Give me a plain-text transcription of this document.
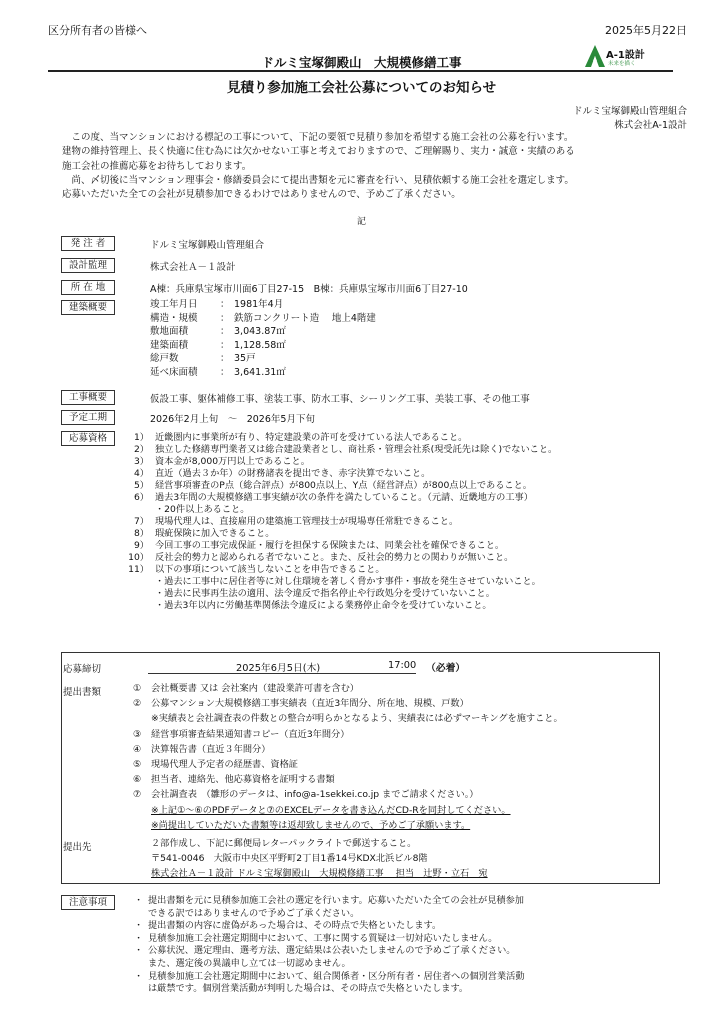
区分所有者の皆様へ	2025年5月22日
ドルミ宝塚御殿山　大規模修繕工事	A-1設計
未来を描く
見積り参加施工会社公募についてのお知らせ
ドルミ宝塚御殿山管理組合
株式会社A-1設計

　この度、当マンションにおける標記の工事について、下記の要領で見積り参加を希望する施工会社の公募を行います。

建物の維持管理上、長く快適に住む為には欠かせない工事と考えておりますので、ご理解賜り、実力・誠意・実績のある

施工会社の推薦応募をお待ちしております。

　尚、〆切後に当マンション理事会・修繕委員会にて提出書類を元に審査を行い、見積依頼する施工会社を選定します。

応募いただいた全ての会社が見積参加できるわけではありませんので、予めご了承ください。

記
発 注 者	ドルミ宝塚御殿山管理組合
設計監理	株式会社Ａ－１設計
所 在 地	A棟：兵庫県宝塚市川面6丁目27-15　B棟：兵庫県宝塚市川面6丁目27-10
建築概要	竣工年月日	：	1981年4月
構造・規模	：	鉄筋コンクリート造　 地上4階建
敷地面積	：	3,043.87㎡
建築面積	：	1,128.58㎡
総戸数	：	35戸
延べ床面積	：	3,641.31㎡
工事概要	仮設工事、躯体補修工事、塗装工事、防水工事、シーリング工事、美装工事、その他工事
予定工期	2026年2月上旬　～　2026年5月下旬
応募資格	1） 近畿圏内に事業所が有り、特定建設業の許可を受けている法人であること。
2） 独立した修繕専門業者又は総合建設業者とし、商社系・管理会社系(現受託先は除く)でないこと。
3） 資本金が8,000万円以上であること。
4） 直近（過去３か年）の財務諸表を提出でき、赤字決算でないこと。
5） 経営事項審査のP点（総合評点）が800点以上、Y点（経営評点）が800点以上であること。
6） 過去3年間の大規模修繕工事実績が次の条件を満たしていること。（元請、近畿地方の工事）
・20件以上あること。
7） 現場代理人は、直接雇用の建築施工管理技士が現場専任常駐できること。
8） 瑕疵保険に加入できること。
9） 今回工事の工事完成保証・履行を担保する保険または、同業会社を確保できること。
10） 反社会的勢力と認められる者でないこと。また、反社会的勢力との関わりが無いこと。
11） 以下の事項について該当しないことを申告できること。
・過去に工事中に居住者等に対し住環境を著しく脅かす事件・事故を発生させていないこと。
・過去に民事再生法の適用、法令違反で指名停止や行政処分を受けていないこと。
・過去3年以内に労働基準関係法令違反による業務停止命令を受けていないこと。
応募締切	2025年6月5日(木)	17:00 （必着）
提出書類	① 会社概要書 又は 会社案内（建設業許可書を含む）
② 公募マンション大規模修繕工事実績表（直近3年間分、所在地、規模、戸数）
※実績表と会社調査表の件数との整合が明らかとなるよう、実績表には必ずマーキングを施すこと。
③ 経営事項審査結果通知書コピー（直近3年間分）
④ 決算報告書（直近３年間分）
⑤ 現場代理人予定者の経歴書、資格証
⑥ 担当者、連絡先、他応募資格を証明する書類
⑦ 会社調査表　（雛形のデータは、info@a-1sekkei.co.jp までご請求ください。）
※上記①～⑥のPDFデータと⑦のEXCELデータを書き込んだCD-Rを同封してください。
※尚提出していただいた書類等は返却致しませんので、予めご了承願います。
提出先	２部作成し、下記に郵便局レターパックライトで郵送すること。
〒541-0046　大阪市中央区平野町2丁目1番14号KDX北浜ビル8階
株式会社Ａ－１設計 ドルミ宝塚御殿山　大規模修繕工事　 担当　辻野・立石　宛
注意事項	・ 提出書類を元に見積参加施工会社の選定を行います。応募いただいた全ての会社が見積参加
できる訳ではありませんので予めご了承ください。
・ 提出書類の内容に虚偽があった場合は、その時点で失格といたします。
・ 見積参加施工会社選定期間中において、工事に関する質疑は一切対応いたしません。
・ 公募状況、選定理由、選考方法、選定結果は公表いたしませんので予めご了承ください。
また、選定後の異議申し立ては一切認めません。
・ 見積参加施工会社選定期間中において、組合関係者・区分所有者・居住者への個別営業活動
は厳禁です。個別営業活動が判明した場合は、その時点で失格といたします。
